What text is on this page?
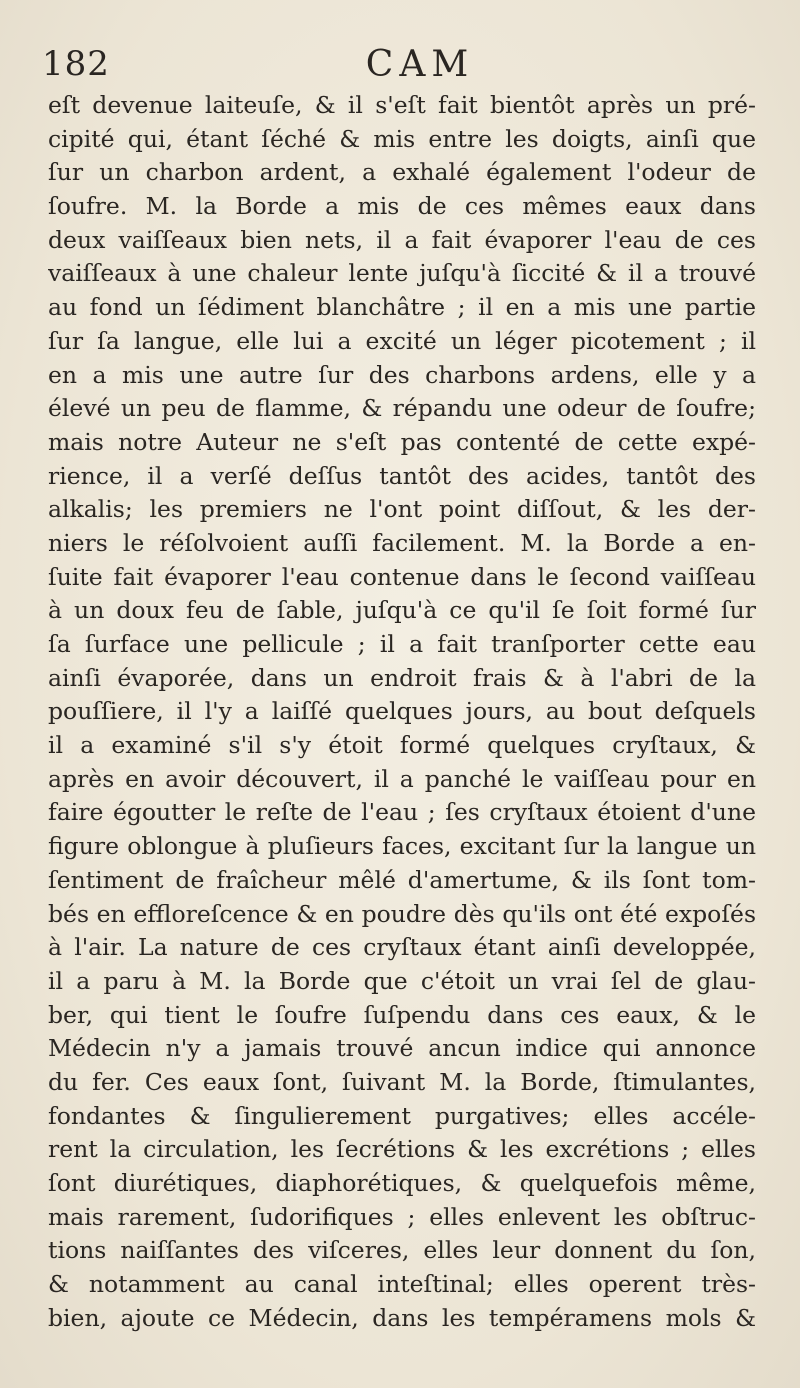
182	CAM
eſt devenue laiteuſe, & il s'eſt fait bientôt après un pré-
cipité qui, étant ſéché & mis entre les doigts, ainſi que
ſur un charbon ardent, a exhalé également l'odeur de
ſoufre. M. la Borde a mis de ces mêmes eaux dans
deux vaiſſeaux bien nets, il a fait évaporer l'eau de ces
vaiſſeaux à une chaleur lente juſqu'à ſiccité & il a trouvé
au fond un ſédiment blanchâtre ; il en a mis une partie
ſur ſa langue, elle lui a excité un léger picotement ; il
en a mis une autre ſur des charbons ardens, elle y a
élevé un peu de flamme, & répandu une odeur de ſoufre;
mais notre Auteur ne s'eſt pas contenté de cette expé-
rience, il a verſé deſſus tantôt des acides, tantôt des
alkalis; les premiers ne l'ont point diſſout, & les der-
niers le réſolvoient auſſi facilement. M. la Borde a en-
ſuite fait évaporer l'eau contenue dans le ſecond vaiſſeau
à un doux feu de ſable, juſqu'à ce qu'il ſe ſoit formé ſur
ſa ſurface une pellicule ; il a fait tranſporter cette eau
ainſi évaporée, dans un endroit frais & à l'abri de la
pouſſiere, il l'y a laiſſé quelques jours, au bout deſquels
il a examiné s'il s'y étoit formé quelques cryſtaux, &
après en avoir découvert, il a panché le vaiſſeau pour en
faire égoutter le reſte de l'eau ; ſes cryſtaux étoient d'une
figure oblongue à pluſieurs faces, excitant ſur la langue un
ſentiment de fraîcheur mêlé d'amertume, & ils ſont tom-
bés en efflorеſcence & en poudre dès qu'ils ont été expoſés
à l'air. La nature de ces cryſtaux étant ainſi developpée,
il a paru à M. la Borde que c'étoit un vrai ſel de glau-
ber, qui tient le ſoufre ſuſpendu dans ces eaux, & le
Médecin n'y a jamais trouvé ancun indice qui annonce
du fer. Ces eaux ſont, ſuivant M. la Borde, ſtimulantes,
fondantes & ſingulierement purgatives; elles accéle-
rent la circulation, les ſecrétions & les excrétions ; elles
ſont diurétiques, diaphorétiques, & quelquefois même,
mais rarement, ſudorifiques ; elles enlevent les obſtruc-
tions naiſſantes des viſceres, elles leur donnent du ſon,
& notamment au canal inteſtinal; elles operent très-
bien, ajoute ce Médecin, dans les tempéramens mols &
